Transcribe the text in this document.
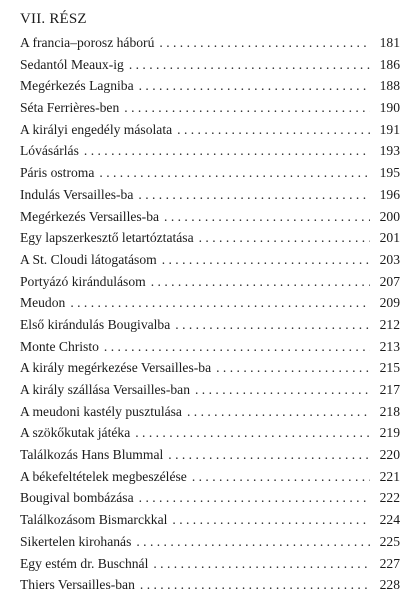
VII. RÉSZ
A francia–porosz háború . . .	181
Sedantól Meaux-ig . . .	186
Megérkezés Lagniba . . .	188
Séta Ferrières-ben . . .	190
A királyi engedély másolata . . .	191
Lóvásárlás . . .	193
Páris ostroma . . .	195
Indulás Versailles-ba . . .	196
Megérkezés Versailles-ba . . .	200
Egy lapszerkesztő letartóztatása . . .	201
A St. Cloudi látogatásom . . .	203
Portyázó kirándulásom . . .	207
Meudon . . .	209
Első kirándulás Bougivalba . . .	212
Monte Christo . . .	213
A király megérkezése Versailles-ba . . .	215
A király szállása Versailles-ban . . .	217
A meudoni kastély pusztulása . . .	218
A szökőkutak játéka . . .	219
Találkozás Hans Blummal . . .	220
A békefeltételek megbeszélése . . .	221
Bougival bombázása . . .	222
Találkozásom Bismarckkal . . .	224
Sikertelen kirohanás . . .	225
Egy estém dr. Buschnál . . .	227
Thiers Versailles-ban . . .	228
